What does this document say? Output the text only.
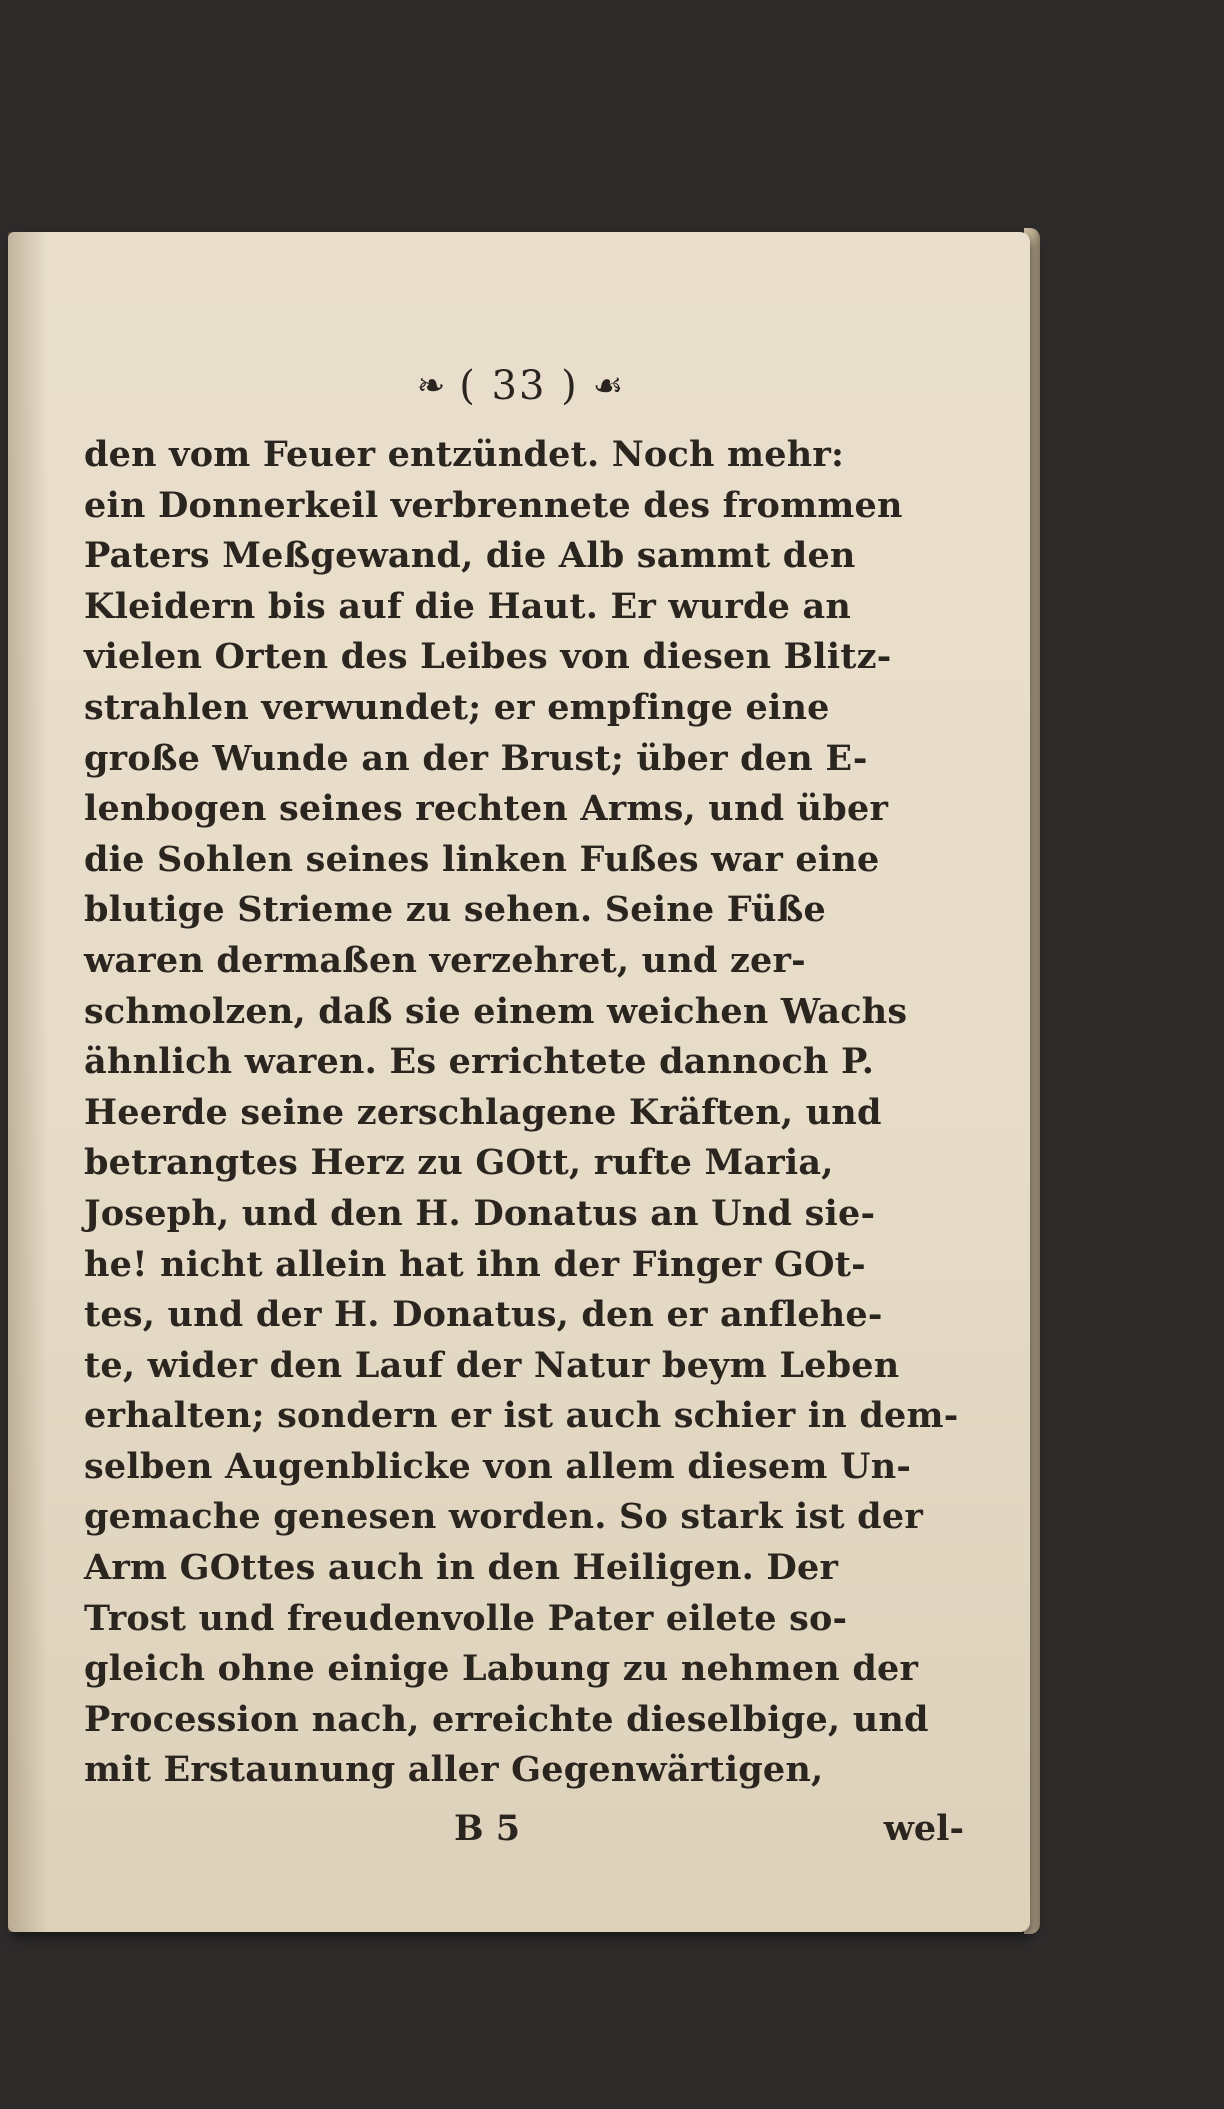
❧ ( 33 ) ☙
den vom Feuer entzündet. Noch mehr:
ein Donnerkeil verbrennete des frommen
Paters Meßgewand, die Alb sammt den
Kleidern bis auf die Haut. Er wurde an
vielen Orten des Leibes von diesen Blitz-
strahlen verwundet; er empfinge eine
große Wunde an der Brust; über den E-
lenbogen seines rechten Arms, und über
die Sohlen seines linken Fußes war eine
blutige Strieme zu sehen. Seine Füße
waren dermaßen verzehret, und zer-
schmolzen, daß sie einem weichen Wachs
ähnlich waren. Es errichtete dannoch P.
Heerde seine zerschlagene Kräften, und
betrangtes Herz zu GOtt, rufte Maria,
Joseph, und den H. Donatus an Und sie-
he! nicht allein hat ihn der Finger GOt-
tes, und der H. Donatus, den er anflehe-
te, wider den Lauf der Natur beym Leben
erhalten; sondern er ist auch schier in dem-
selben Augenblicke von allem diesem Un-
gemache genesen worden. So stark ist der
Arm GOttes auch in den Heiligen. Der
Trost und freudenvolle Pater eilete so-
gleich ohne einige Labung zu nehmen der
Procession nach, erreichte dieselbige, und
mit Erstaunung aller Gegenwärtigen,
B 5	wel-
